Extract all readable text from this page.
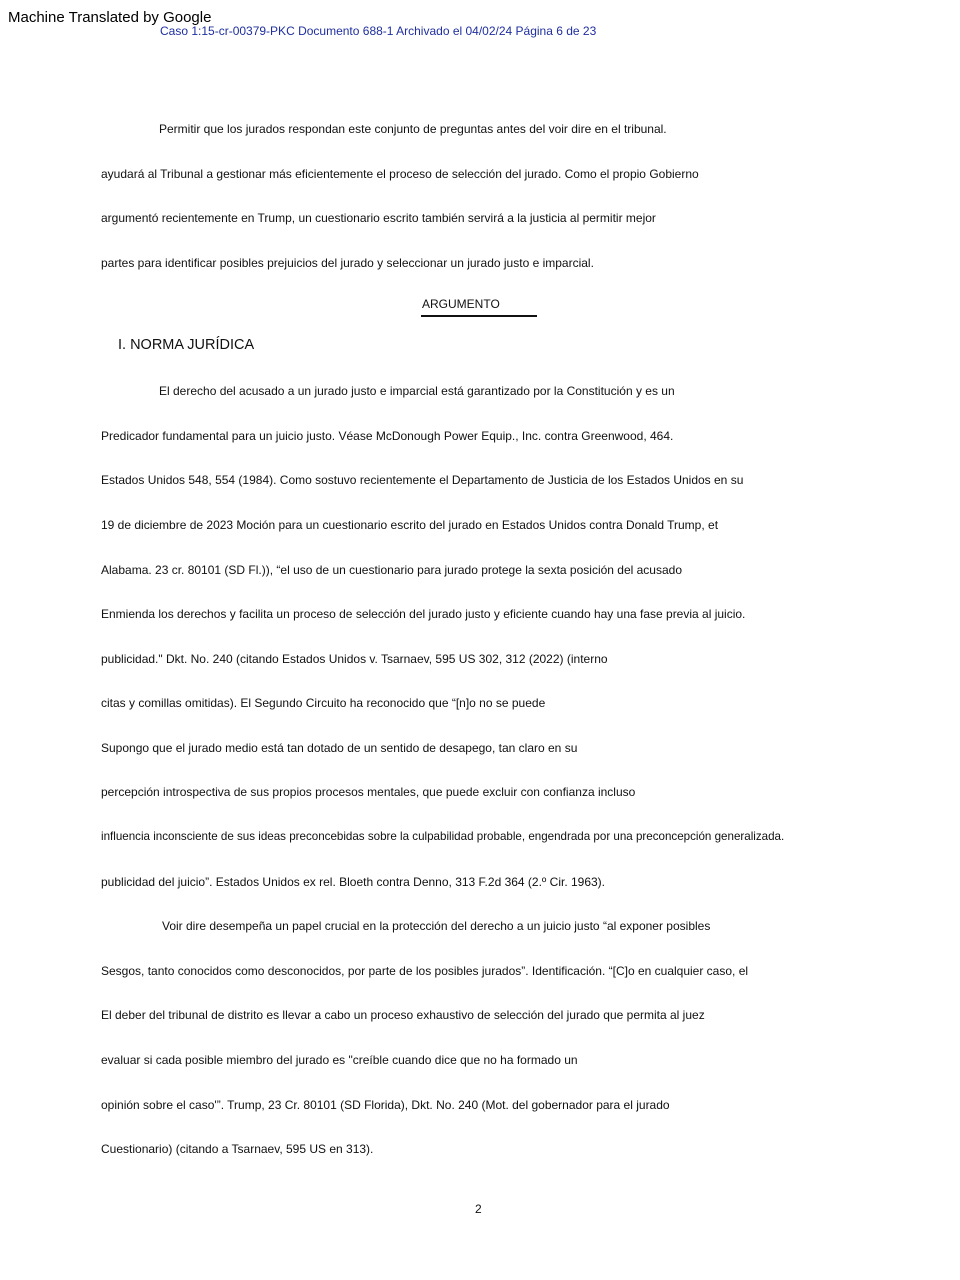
Machine Translated by Google
Caso 1:15-cr-00379-PKC Documento 688-1 Archivado el 04/02/24 Página 6 de 23
Permitir que los jurados respondan este conjunto de preguntas antes del voir dire en el tribunal.
ayudará al Tribunal a gestionar más eficientemente el proceso de selección del jurado. Como el propio Gobierno
argumentó recientemente en Trump, un cuestionario escrito también servirá a la justicia al permitir mejor
partes para identificar posibles prejuicios del jurado y seleccionar un jurado justo e imparcial.
ARGUMENTO
I. NORMA JURÍDICA
El derecho del acusado a un jurado justo e imparcial está garantizado por la Constitución y es un
Predicador fundamental para un juicio justo. Véase McDonough Power Equip., Inc. contra Greenwood, 464.
Estados Unidos 548, 554 (1984). Como sostuvo recientemente el Departamento de Justicia de los Estados Unidos en su
19 de diciembre de 2023 Moción para un cuestionario escrito del jurado en Estados Unidos contra Donald Trump, et
Alabama. 23 cr. 80101 (SD Fl.)), “el uso de un cuestionario para jurado protege la sexta posición del acusado
Enmienda los derechos y facilita un proceso de selección del jurado justo y eficiente cuando hay una fase previa al juicio.
publicidad." Dkt. No. 240 (citando Estados Unidos v. Tsarnaev, 595 US 302, 312 (2022) (interno
citas y comillas omitidas). El Segundo Circuito ha reconocido que “[n]o no se puede
Supongo que el jurado medio está tan dotado de un sentido de desapego, tan claro en su
percepción introspectiva de sus propios procesos mentales, que puede excluir con confianza incluso
influencia inconsciente de sus ideas preconcebidas sobre la culpabilidad probable, engendrada por una preconcepción generalizada.
publicidad del juicio”. Estados Unidos ex rel. Bloeth contra Denno, 313 F.2d 364 (2.º Cir. 1963).
Voir dire desempeña un papel crucial en la protección del derecho a un juicio justo “al exponer posibles
Sesgos, tanto conocidos como desconocidos, por parte de los posibles jurados”. Identificación. “[C]o en cualquier caso, el
El deber del tribunal de distrito es llevar a cabo un proceso exhaustivo de selección del jurado que permita al juez
evaluar si cada posible miembro del jurado es "creíble cuando dice que no ha formado un
opinión sobre el caso'”. Trump, 23 Cr. 80101 (SD Florida), Dkt. No. 240 (Mot. del gobernador para el jurado
Cuestionario) (citando a Tsarnaev, 595 US en 313).
2
